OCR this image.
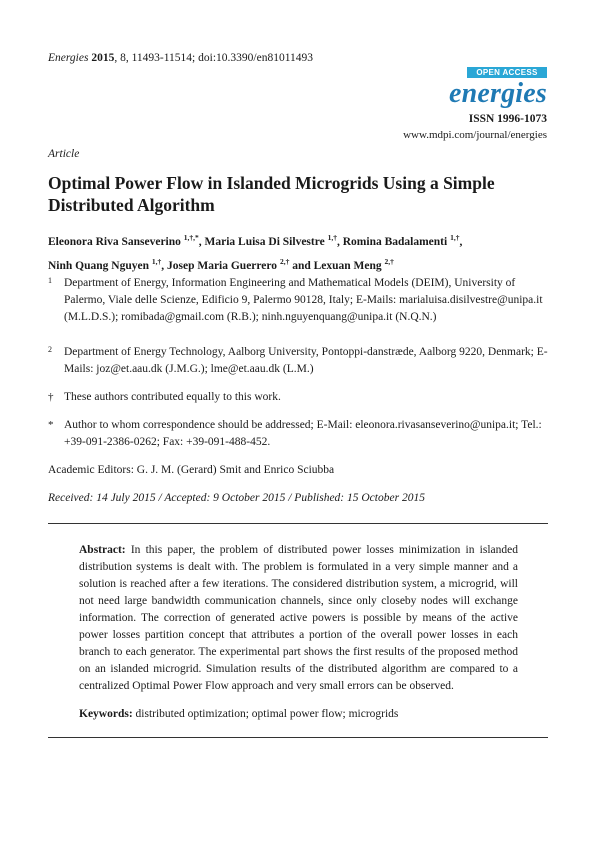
Energies 2015, 8, 11493-11514; doi:10.3390/en81011493
OPEN ACCESS
energies
ISSN 1996-1073
www.mdpi.com/journal/energies
Article
Optimal Power Flow in Islanded Microgrids Using a Simple Distributed Algorithm
Eleonora Riva Sanseverino $^{1,\dagger,*}$, Maria Luisa Di Silvestre $^{1,\dagger}$, Romina Badalamenti $^{1,\dagger}$,
Ninh Quang Nguyen $^{1,\dagger}$, Josep Maria Guerrero $^{2,\dagger}$ and Lexuan Meng $^{2,\dagger}$
1 Department of Energy, Information Engineering and Mathematical Models (DEIM), University of Palermo, Viale delle Scienze, Edificio 9, Palermo 90128, Italy; E-Mails: marialuisa.disilvestre@unipa.it (M.L.D.S.); romibada@gmail.com (R.B.); ninh.nguyenquang@unipa.it (N.Q.N.)
2 Department of Energy Technology, Aalborg University, Pontoppi-danstræde, Aalborg 9220, Denmark; E-Mails: joz@et.aau.dk (J.M.G.); lme@et.aau.dk (L.M.)
† These authors contributed equally to this work.
* Author to whom correspondence should be addressed; E-Mail: eleonora.rivasanseverino@unipa.it; Tel.: +39-091-2386-0262; Fax: +39-091-488-452.
Academic Editors: G. J. M. (Gerard) Smit and Enrico Sciubba
Received: 14 July 2015 / Accepted: 9 October 2015 / Published: 15 October 2015

Abstract: In this paper, the problem of distributed power losses minimization in islanded distribution systems is dealt with. The problem is formulated in a very simple manner and a solution is reached after a few iterations. The considered distribution system, a microgrid, will not need large bandwidth communication channels, since only closeby nodes will exchange information. The correction of generated active powers is possible by means of the active power losses partition concept that attributes a portion of the overall power losses in each branch to each generator. The experimental part shows the first results of the proposed method on an islanded microgrid. Simulation results of the distributed algorithm are compared to a centralized Optimal Power Flow approach and very small errors can be observed.

Keywords: distributed optimization; optimal power flow; microgrids
